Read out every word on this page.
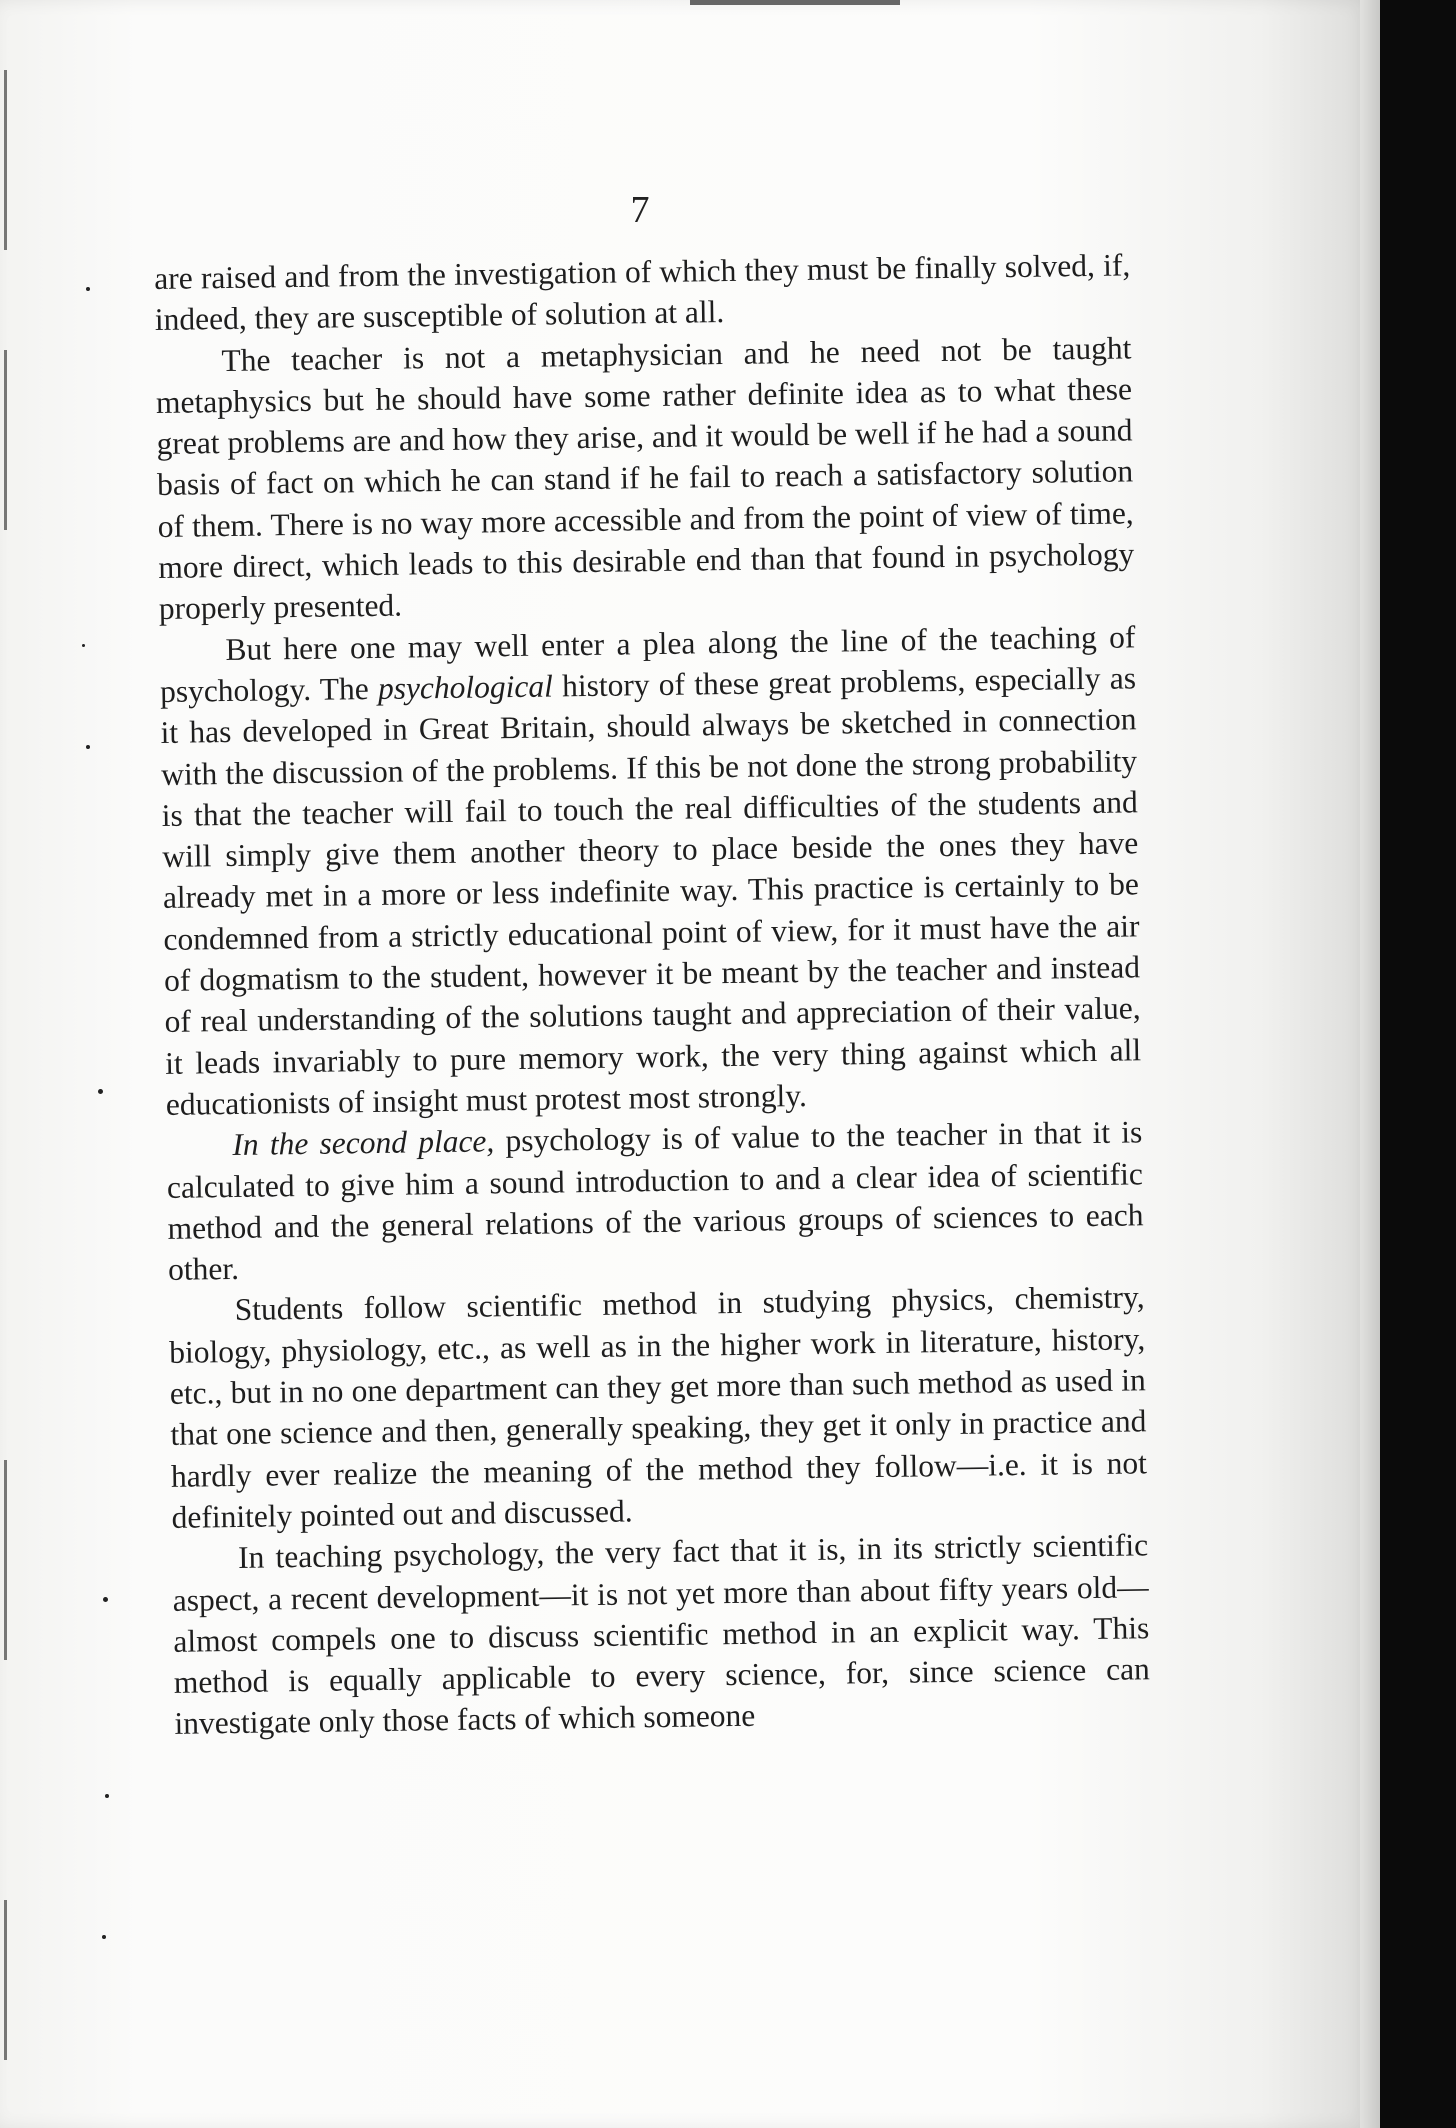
7

are raised and from the investigation of which they must be finally solved, if, indeed, they are susceptible of solution at all.

The teacher is not a metaphysician and he need not be taught metaphysics but he should have some rather definite idea as to what these great problems are and how they arise, and it would be well if he had a sound basis of fact on which he can stand if he fail to reach a satisfactory solution of them. There is no way more accessible and from the point of view of time, more direct, which leads to this desirable end than that found in psychology properly presented.

But here one may well enter a plea along the line of the teaching of psychology. The psychological history of these great problems, especially as it has developed in Great Britain, should always be sketched in connection with the discussion of the problems. If this be not done the strong probability is that the teacher will fail to touch the real difficulties of the students and will simply give them another theory to place beside the ones they have already met in a more or less indefinite way. This practice is certainly to be condemned from a strictly educational point of view, for it must have the air of dogmatism to the student, however it be meant by the teacher and instead of real understanding of the solutions taught and appreciation of their value, it leads invariably to pure memory work, the very thing against which all educationists of insight must protest most strongly.

In the second place, psychology is of value to the teacher in that it is calculated to give him a sound introduction to and a clear idea of scientific method and the general relations of the various groups of sciences to each other.

Students follow scientific method in studying physics, chemistry, biology, physiology, etc., as well as in the higher work in literature, history, etc., but in no one department can they get more than such method as used in that one science and then, generally speaking, they get it only in practice and hardly ever realize the meaning of the method they follow—i.e. it is not definitely pointed out and discussed.

In teaching psychology, the very fact that it is, in its strictly scientific aspect, a recent development—it is not yet more than about fifty years old—almost compels one to discuss scientific method in an explicit way. This method is equally applicable to every science, for, since science can investigate only those facts of which someone
